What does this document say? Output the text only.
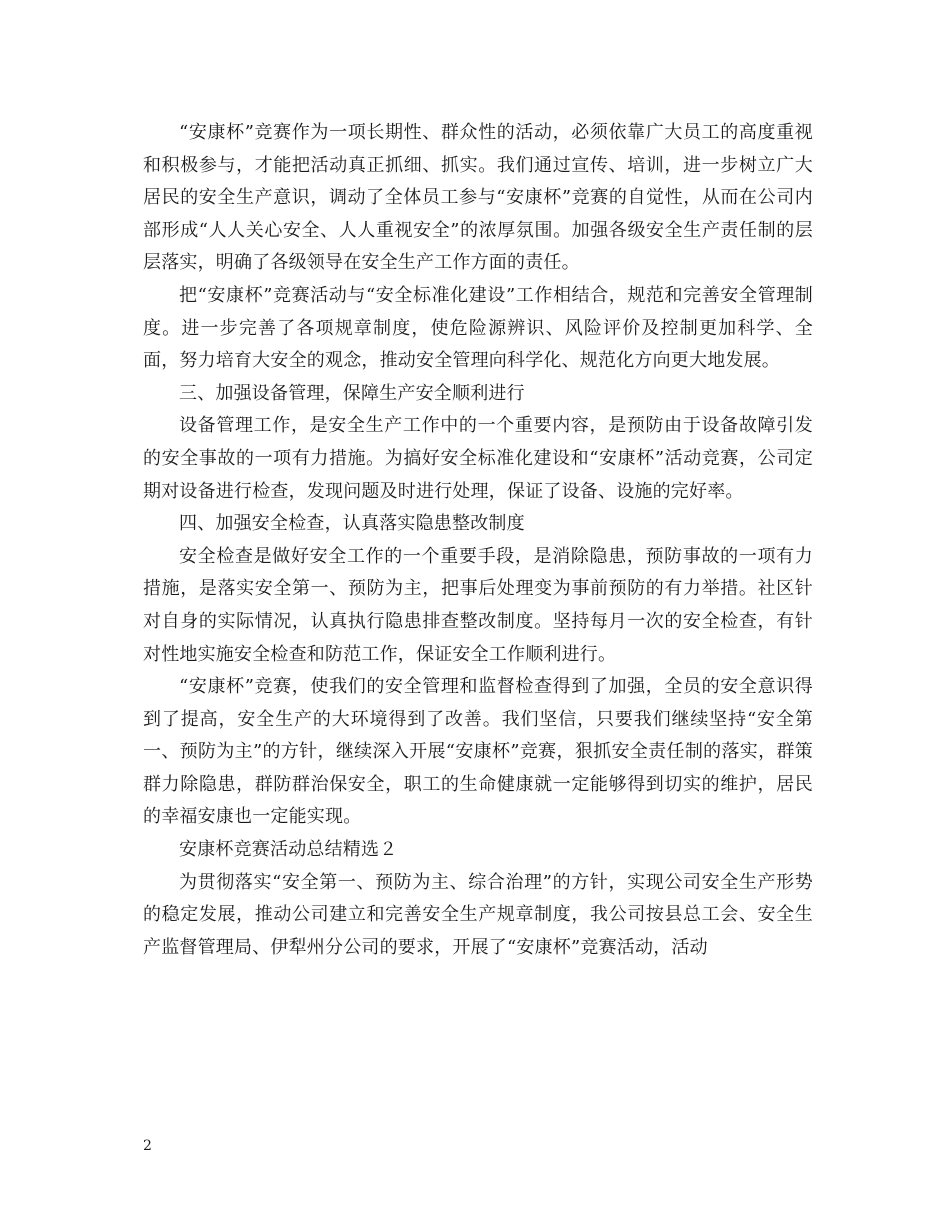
“安康杯”竞赛作为一项长期性、群众性的活动，必须依靠广大员工的高度重视和积极参与，才能把活动真正抓细、抓实。我们通过宣传、培训，进一步树立广大居民的安全生产意识，调动了全体员工参与“安康杯”竞赛的自觉性，从而在公司内部形成“人人关心安全、人人重视安全”的浓厚氛围。加强各级安全生产责任制的层层落实，明确了各级领导在安全生产工作方面的责任。

把“安康杯”竞赛活动与“安全标准化建设”工作相结合，规范和完善安全管理制度。进一步完善了各项规章制度，使危险源辨识、风险评价及控制更加科学、全面，努力培育大安全的观念，推动安全管理向科学化、规范化方向更大地发展。

三、加强设备管理，保障生产安全顺利进行

设备管理工作，是安全生产工作中的一个重要内容，是预防由于设备故障引发的安全事故的一项有力措施。为搞好安全标准化建设和“安康杯”活动竞赛，公司定期对设备进行检查，发现问题及时进行处理，保证了设备、设施的完好率。

四、加强安全检查，认真落实隐患整改制度

安全检查是做好安全工作的一个重要手段，是消除隐患，预防事故的一项有力措施，是落实安全第一、预防为主，把事后处理变为事前预防的有力举措。社区针对自身的实际情况，认真执行隐患排查整改制度。坚持每月一次的安全检查，有针对性地实施安全检查和防范工作，保证安全工作顺利进行。

“安康杯”竞赛，使我们的安全管理和监督检查得到了加强，全员的安全意识得到了提高，安全生产的大环境得到了改善。我们坚信，只要我们继续坚持“安全第一、预防为主”的方针，继续深入开展“安康杯”竞赛，狠抓安全责任制的落实，群策群力除隐患，群防群治保安全，职工的生命健康就一定能够得到切实的维护，居民的幸福安康也一定能实现。

安康杯竞赛活动总结精选２

为贯彻落实“安全第一、预防为主、综合治理”的方针，实现公司安全生产形势的稳定发展，推动公司建立和完善安全生产规章制度，我公司按县总工会、安全生产监督管理局、伊犁州分公司的要求，开展了“安康杯”竞赛活动，活动

2
